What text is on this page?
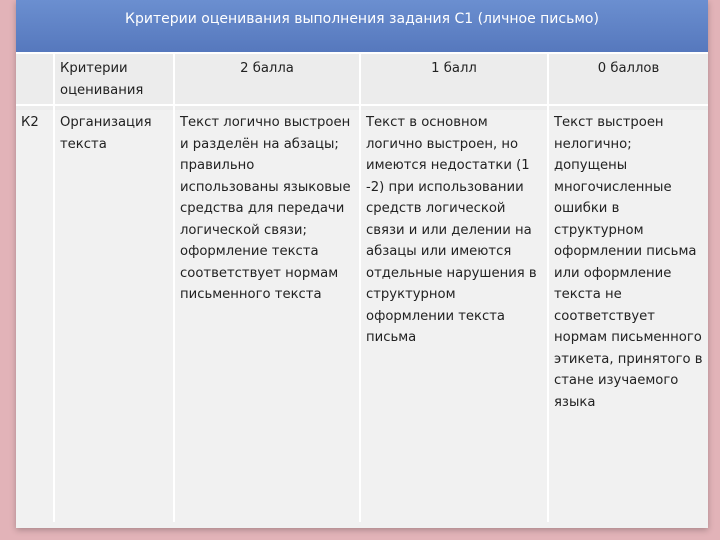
Критерии оценивания выполнения задания С1 (личное письмо)
	Критерии оценивания	2 балла	1 балл	0 баллов
К2	Организация текста	Текст логично выстроен и разделён на абзацы; правильно использованы языковые средства для передачи логической связи; оформление текста соответствует нормам письменного текста	Текст в основном логично выстроен, но имеются недостатки (1 -2) при использовании средств логической связи и или делении на абзацы или имеются отдельные нарушения в структурном оформлении текста письма	Текст выстроен нелогично; допущены многочисленные ошибки в структурном оформлении письма или оформление текста не соответствует нормам письменного этикета, принятого в стане изучаемого языка
